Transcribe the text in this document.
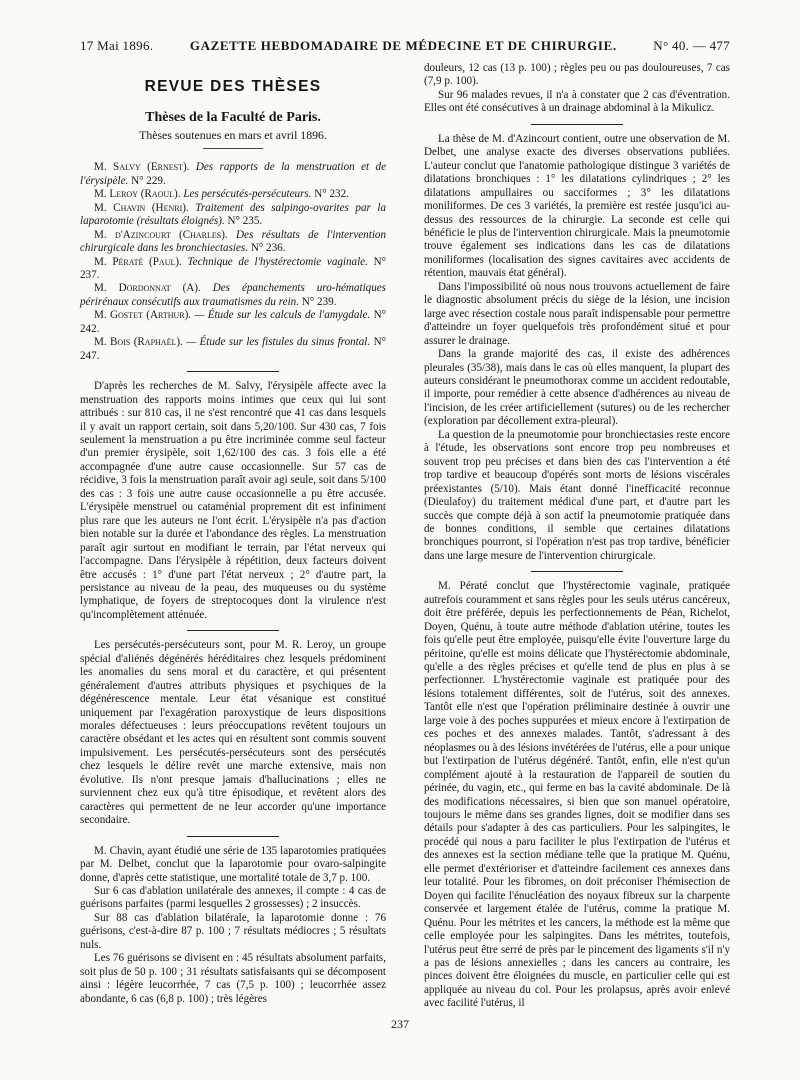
17 Mai 1896.	GAZETTE HEBDOMADAIRE DE MÉDECINE ET DE CHIRURGIE.	N° 40. — 477
REVUE DES THÈSES
Thèses de la Faculté de Paris.
Thèses soutenues en mars et avril 1896.

M. Salvy (Ernest). Des rapports de la menstruation et de l'érysipèle. N° 229.

M. Leroy (Raoul). Les persécutés-persécuteurs. N° 232.

M. Chavin (Henri). Traitement des salpingo-ovarites par la laparotomie (résultats éloignés). N° 235.

M. d'Azincourt (Charles). Des résultats de l'intervention chirurgicale dans les bronchiectasies. N° 236.

M. Pératé (Paul). Technique de l'hystérectomie vaginale. N° 237.

M. Dordonnat (A). Des épanchements uro-hématiques périrénaux consécutifs aux traumatismes du rein. N° 239.

M. Gostet (Arthur). — Étude sur les calculs de l'amygdale. N° 242.

M. Bois (Raphaël). — Étude sur les fistules du sinus frontal. N° 247.

D'après les recherches de M. Salvy, l'érysipèle affecte avec la menstruation des rapports moins intimes que ceux qui lui sont attribués : sur 810 cas, il ne s'est rencontré que 41 cas dans lesquels il y avait un rapport certain, soit dans 5,20/100. Sur 430 cas, 7 fois seulement la menstruation a pu être incriminée comme seul facteur d'un premier érysipèle, soit 1,62/100 des cas. 3 fois elle a été accompagnée d'une autre cause occasionnelle. Sur 57 cas de récidive, 3 fois la menstruation paraît avoir agi seule, soit dans 5/100 des cas : 3 fois une autre cause occasionnelle a pu être accusée. L'érysipèle menstruel ou cataménial proprement dit est infiniment plus rare que les auteurs ne l'ont écrit. L'érysipèle n'a pas d'action bien notable sur la durée et l'abondance des règles. La menstruation paraît agir surtout en modifiant le terrain, par l'état nerveux qui l'accompagne. Dans l'érysipèle à répétition, deux facteurs doivent être accusés : 1° d'une part l'état nerveux ; 2° d'autre part, la persistance au niveau de la peau, des muqueuses ou du système lymphatique, de foyers de streptocoques dont la virulence n'est qu'incomplètement atténuée.

Les persécutés-persécuteurs sont, pour M. R. Leroy, un groupe spécial d'aliénés dégénérés héréditaires chez lesquels prédominent les anomalies du sens moral et du caractère, et qui présentent généralement d'autres attributs physiques et psychiques de la dégénérescence mentale. Leur état vésanique est constitué uniquement par l'exagération paroxystique de leurs dispositions morales défectueuses : leurs préoccupations revêtent toujours un caractère obsédant et les actes qui en résultent sont commis souvent impulsivement. Les persécutés-persécuteurs sont des persécutés chez lesquels le délire revêt une marche extensive, mais non évolutive. Ils n'ont presque jamais d'hallucinations ; elles ne surviennent chez eux qu'à titre épisodique, et revêtent alors des caractères qui permettent de ne leur accorder qu'une importance secondaire.

M. Chavin, ayant étudié une série de 135 laparotomies pratiquées par M. Delbet, conclut que la laparotomie pour ovaro-salpingite donne, d'après cette statistique, une mortalité totale de 3,7 p. 100.

Sur 6 cas d'ablation unilatérale des annexes, il compte : 4 cas de guérisons parfaites (parmi lesquelles 2 grossesses) ; 2 insuccès.

Sur 88 cas d'ablation bilatérale, la laparotomie donne : 76 guérisons, c'est-à-dire 87 p. 100 ; 7 résultats médiocres ; 5 résultats nuls.

Les 76 guérisons se divisent en : 45 résultats absolument parfaits, soit plus de 50 p. 100 ; 31 résultats satisfaisants qui se décomposent ainsi : légère leucorrhée, 7 cas (7,5 p. 100) ; leucorrhée assez abondante, 6 cas (6,8 p. 100) ; très légères

douleurs, 12 cas (13 p. 100) ; règles peu ou pas douloureuses, 7 cas (7,9 p. 100).

Sur 96 malades revues, il n'a à constater que 2 cas d'éventration. Elles ont été consécutives à un drainage abdominal à la Mikulicz.

La thèse de M. d'Azincourt contient, outre une observation de M. Delbet, une analyse exacte des diverses observations publiées. L'auteur conclut que l'anatomie pathologique distingue 3 variétés de dilatations bronchiques : 1° les dilatations cylindriques ; 2° les dilatations ampullaires ou sacciformes ; 3° les dilatations moniliformes. De ces 3 variétés, la première est restée jusqu'ici au-dessus des ressources de la chirurgie. La seconde est celle qui bénéficie le plus de l'intervention chirurgicale. Mais la pneumotomie trouve également ses indications dans les cas de dilatations moniliformes (localisation des signes cavitaires avec accidents de rétention, mauvais état général).

Dans l'impossibilité où nous nous trouvons actuellement de faire le diagnostic absolument précis du siège de la lésion, une incision large avec résection costale nous paraît indispensable pour permettre d'atteindre un foyer quelquefois très profondément situé et pour assurer le drainage.

Dans la grande majorité des cas, il existe des adhérences pleurales (35/38), mais dans le cas où elles manquent, la plupart des auteurs considérant le pneumothorax comme un accident redoutable, il importe, pour remédier à cette absence d'adhérences au niveau de l'incision, de les créer artificiellement (sutures) ou de les rechercher (exploration par décollement extra-pleural).

La question de la pneumotomie pour bronchiectasies reste encore à l'étude, les observations sont encore trop peu nombreuses et souvent trop peu précises et dans bien des cas l'intervention a été trop tardive et beaucoup d'opérés sont morts de lésions viscérales préexistantes (5/10). Mais étant donné l'inefficacité reconnue (Dieulafoy) du traitement médical d'une part, et d'autre part les succès que compte déjà à son actif la pneumotomie pratiquée dans de bonnes conditions, il semble que certaines dilatations bronchiques pourront, si l'opération n'est pas trop tardive, bénéficier dans une large mesure de l'intervention chirurgicale.

M. Pératé conclut que l'hystérectomie vaginale, pratiquée autrefois couramment et sans règles pour les seuls utérus cancéreux, doit être préférée, depuis les perfectionnements de Péan, Richelot, Doyen, Quénu, à toute autre méthode d'ablation utérine, toutes les fois qu'elle peut être employée, puisqu'elle évite l'ouverture large du péritoine, qu'elle est moins délicate que l'hystérectomie abdominale, qu'elle a des règles précises et qu'elle tend de plus en plus à se perfectionner. L'hystérectomie vaginale est pratiquée pour des lésions totalement différentes, soit de l'utérus, soit des annexes. Tantôt elle n'est que l'opération préliminaire destinée à ouvrir une large voie à des poches suppurées et mieux encore à l'extirpation de ces poches et des annexes malades. Tantôt, s'adressant à des néoplasmes ou à des lésions invétérées de l'utérus, elle a pour unique but l'extirpation de l'utérus dégénéré. Tantôt, enfin, elle n'est qu'un complément ajouté à la restauration de l'appareil de soutien du périnée, du vagin, etc., qui ferme en bas la cavité abdominale. De là des modifications nécessaires, si bien que son manuel opératoire, toujours le même dans ses grandes lignes, doit se modifier dans ses détails pour s'adapter à des cas particuliers. Pour les salpingites, le procédé qui nous a paru faciliter le plus l'extirpation de l'utérus et des annexes est la section médiane telle que la pratique M. Quénu, elle permet d'extérioriser et d'atteindre facilement ces annexes dans leur totalité. Pour les fibromes, on doit préconiser l'hémisection de Doyen qui facilite l'énucléation des noyaux fibreux sur la charpente conservée et largement étalée de l'utérus, comme la pratique M. Quénu. Pour les métrites et les cancers, la méthode est la même que celle employée pour les salpingites. Dans les métrites, toutefois, l'utérus peut être serré de près par le pincement des ligaments s'il n'y a pas de lésions annexielles ; dans les cancers au contraire, les pinces doivent être éloignées du muscle, en particulier celle qui est appliquée au niveau du col. Pour les prolapsus, après avoir enlevé avec facilité l'utérus, il

237
